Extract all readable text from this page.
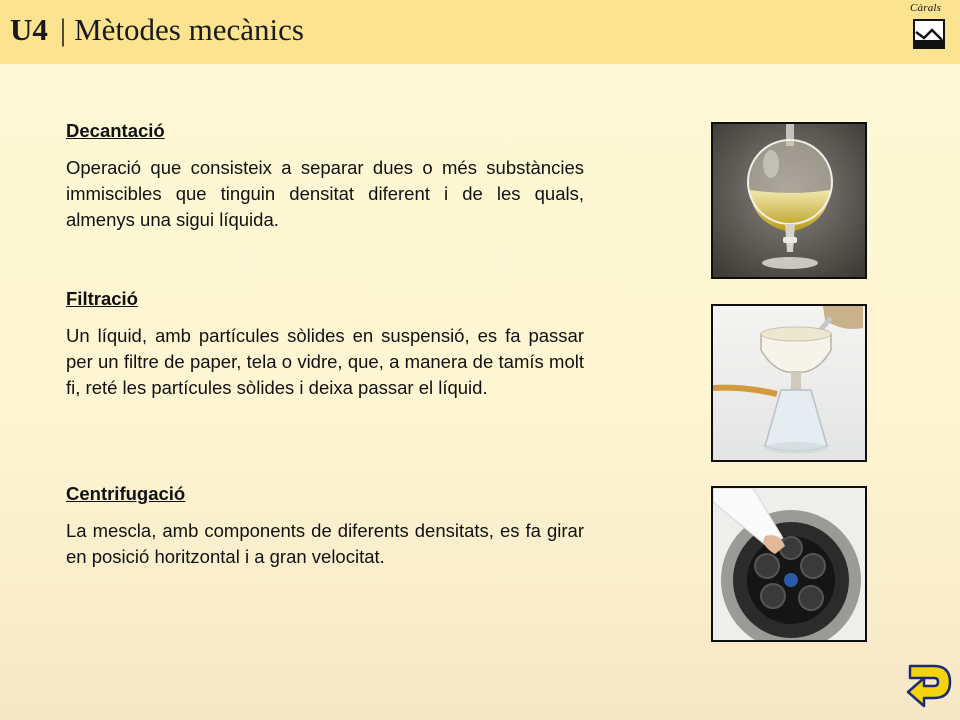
U4 | Mètodes mecànics
Càrals

Decantació

Operació que consisteix a separar dues o més substàncies immiscibles que tinguin densitat diferent i de les quals, almenys una sigui líquida.

Filtració

Un líquid, amb partícules sòlides en suspensió, es fa passar per un filtre de paper, tela o vidre, que, a manera de tamís molt fi, reté les partícules sòlides i deixa passar el líquid.

Centrifugació

La mescla, amb components de diferents densitats, es fa girar en posició horitzontal i a gran velocitat.
